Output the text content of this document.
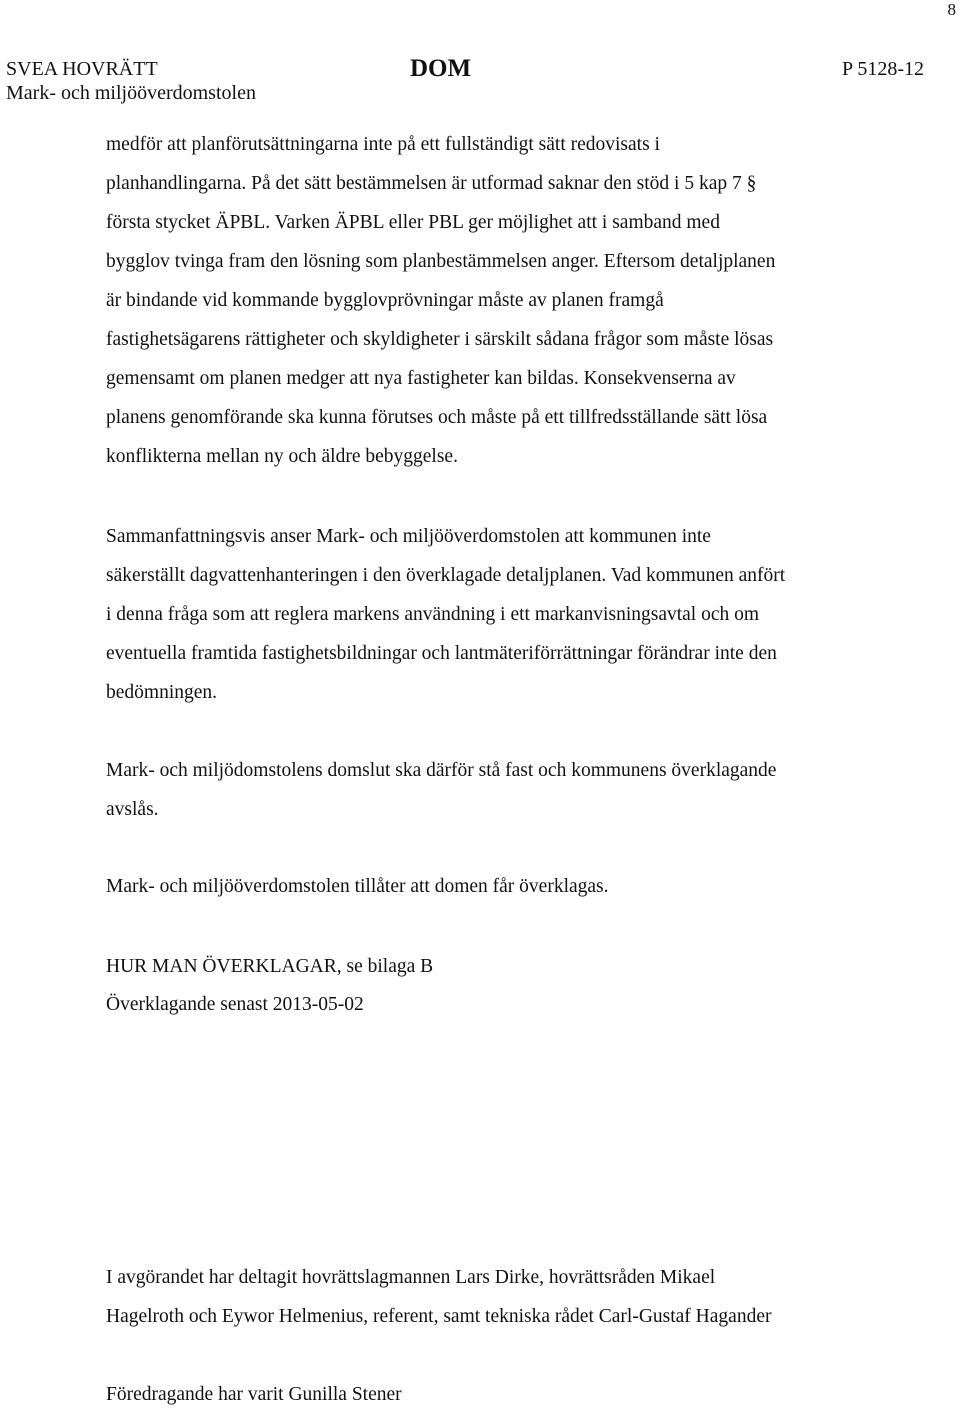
8
SVEA HOVRÄTT
Mark- och miljööverdomstolen
DOM	P 5128-12

medför att planförutsättningarna inte på ett fullständigt sätt redovisats i
planhandlingarna. På det sätt bestämmelsen är utformad saknar den stöd i 5 kap 7 §
första stycket ÄPBL. Varken ÄPBL eller PBL ger möjlighet att i samband med
bygglov tvinga fram den lösning som planbestämmelsen anger. Eftersom detaljplanen
är bindande vid kommande bygglovprövningar måste av planen framgå
fastighetsägarens rättigheter och skyldigheter i särskilt sådana frågor som måste lösas
gemensamt om planen medger att nya fastigheter kan bildas. Konsekvenserna av
planens genomförande ska kunna förutses och måste på ett tillfredsställande sätt lösa
konflikterna mellan ny och äldre bebyggelse.

Sammanfattningsvis anser Mark- och miljööverdomstolen att kommunen inte
säkerställt dagvattenhanteringen i den överklagade detaljplanen. Vad kommunen anfört
i denna fråga som att reglera markens användning i ett markanvisningsavtal och om
eventuella framtida fastighetsbildningar och lantmäteriförrättningar förändrar inte den
bedömningen.

Mark- och miljödomstolens domslut ska därför stå fast och kommunens överklagande
avslås.

Mark- och miljööverdomstolen tillåter att domen får överklagas.

HUR MAN ÖVERKLAGAR, se bilaga B

Överklagande senast 2013-05-02

I avgörandet har deltagit hovrättslagmannen Lars Dirke, hovrättsråden Mikael
Hagelroth och Eywor Helmenius, referent, samt tekniska rådet Carl-Gustaf Hagander

Föredragande har varit Gunilla Stener
